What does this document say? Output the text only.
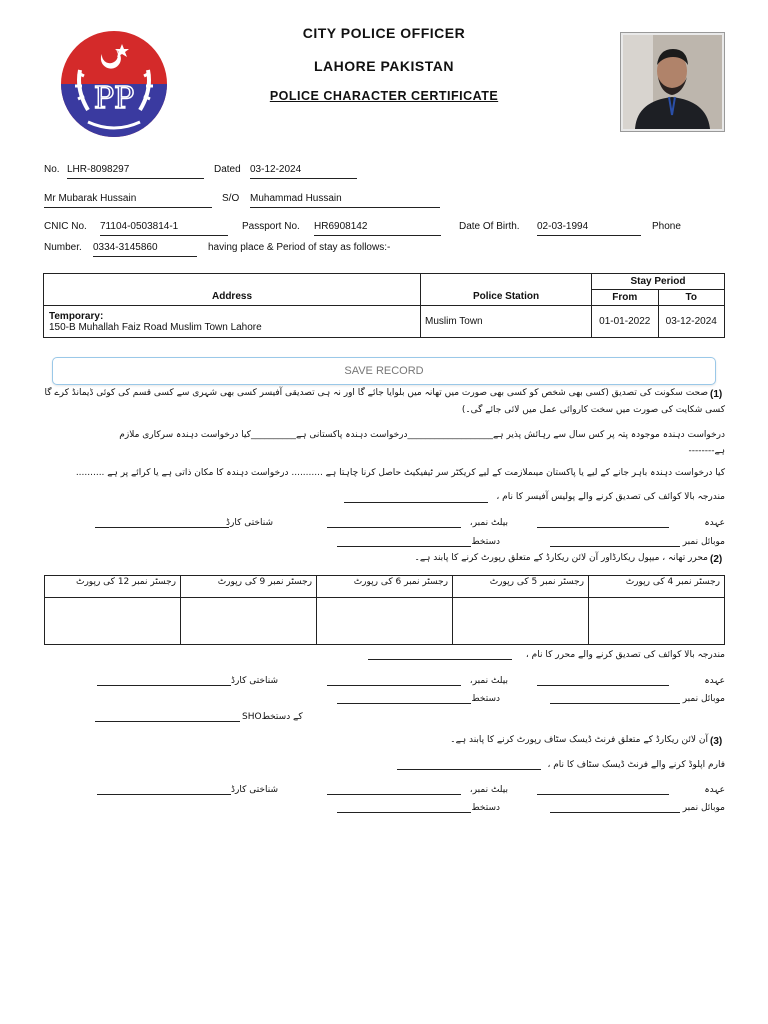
PP
CITY POLICE OFFICER
LAHORE PAKISTAN
POLICE CHARACTER CERTIFICATE
No. LHR-8098297	Dated 03-12-2024
Mr Mubarak Hussain	S/O Muhammad Hussain
CNIC No. 71104-0503814-1	Passport No. HR6908142	Date Of Birth. 02-03-1994	Phone
Number. 0334-3145860	having place & Period of stay as follows:-
Address	Police Station	Stay Period	
		From	To
Temporary:
150-B Muhallah Faiz Road Muslim Town Lahore	Muslim Town	01-01-2022	03-12-2024
SAVE RECORD
(1)
صحت سکونت کی تصدیق (کسی بھی شخص کو کسی بھی صورت میں تھانہ میں بلوایا جائے گا اور نہ ہی تصدیقی آفیسر کسی بھی شہری سے کسی قسم کی کوئی ڈیمانڈ کرے گا
کسی شکایت کی صورت میں سخت کاروائی عمل میں لائی جائے گی۔)
درخواست دہندہ موجودہ پتہ پر کس سال سے رہائش پذیر ہے___________________درخواست دہندہ پاکستانی ہے__________کیا درخواست دہندہ سرکاری ملازم
ہے--------
کیا درخواست دہندہ باہر جانے کے لیے یا پاکستان میںملازمت کے لیے کریکٹر سر ٹیفیکیٹ حاصل کرنا چاہتا ہے ........... درخواست دہندہ کا مکان ذاتی ہے یا کرائے پر ہے ..........
مندرجہ بالا کوائف کی تصدیق کرنے والے پولیس آفیسر کا نام ،
عہدہ
بیلٹ نمبر،
شناختی کارڈ
موبائل نمبر
دستخط
(2)
محرر تھانہ ، میپول ریکارڈاور آن لائن ریکارڈ کے متعلق رپورٹ کرنے کا پابند ہے۔
رجسٹر نمبر 12 کی رپورٹ	رجسٹر نمبر 9 کی رپورٹ	رجسٹر نمبر 6 کی رپورٹ	رجسٹر نمبر 5 کی رپورٹ	رجسٹر نمبر 4 کی رپورٹ

مندرجہ بالا کوائف کی تصدیق کرنے والے محرر کا نام ،
عہدہ
بیلٹ نمبر،
شناختی کارڈ
موبائل نمبر
دستخط
SHOکے دستخط
(3)
آن لائن ریکارڈ کے متعلق فرنٹ ڈیسک سٹاف رپورٹ کرنے کا پابند ہے۔
فارم اپلوڈ کرنے والے فرنٹ ڈیسک سٹاف کا نام ،
عہدہ
بیلٹ نمبر،
شناختی کارڈ
موبائل نمبر
دستخط
